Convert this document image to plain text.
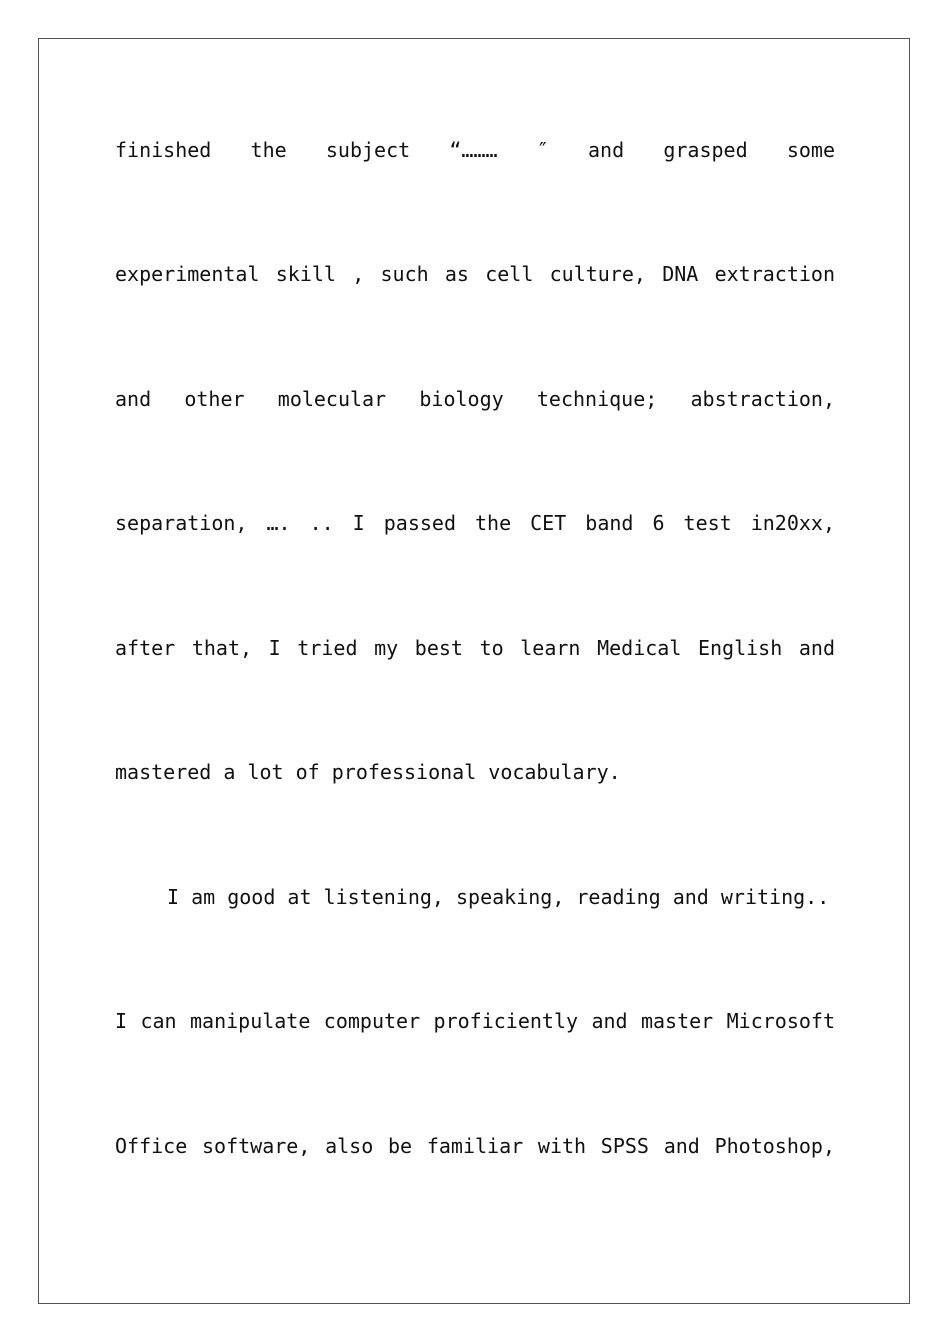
finished the subject “……… ″ and grasped some
experimental skill , such as cell culture, DNA extraction
and other molecular biology technique; abstraction,
separation, …. .. I passed the CET band 6 test in20xx,
after that, I tried my best to learn Medical English and
mastered a lot of professional vocabulary.
I am good at listening, speaking, reading and writing..
I can manipulate computer proficiently and master Microsoft
Office software, also be familiar with SPSS and Photoshop,
